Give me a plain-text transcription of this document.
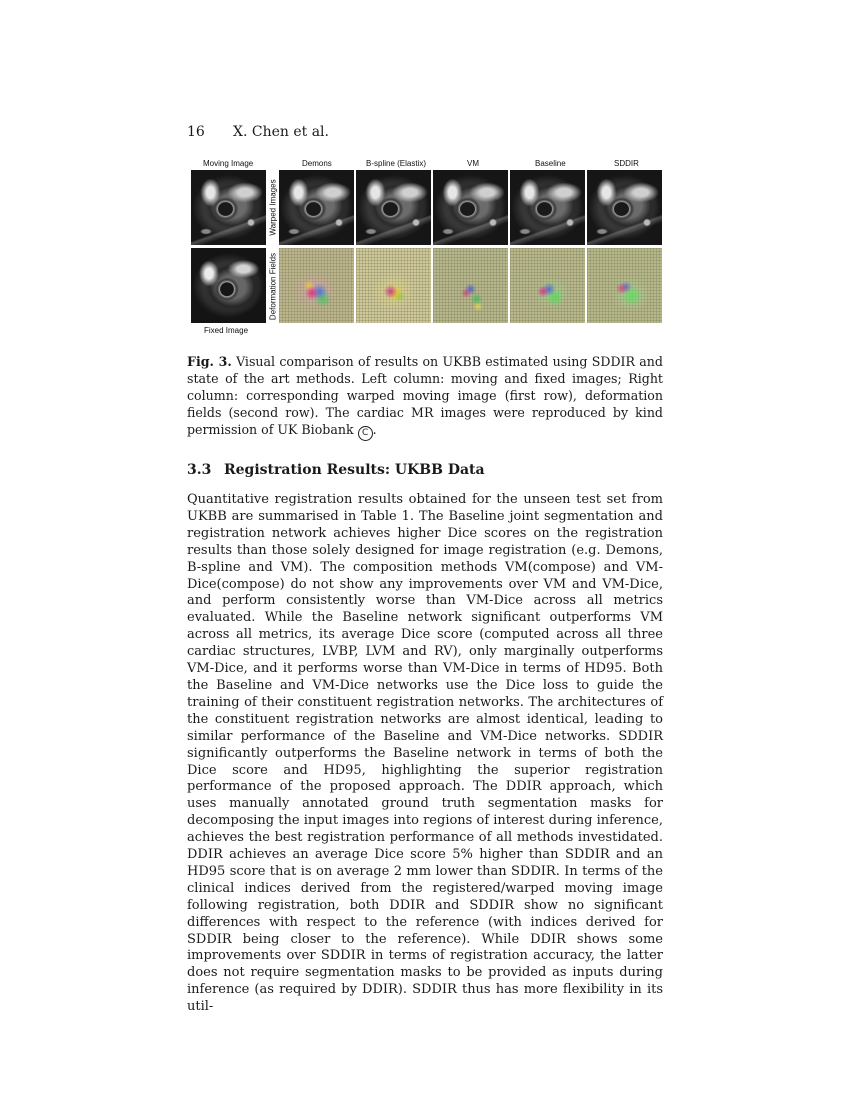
16 X. Chen et al.
Moving Image	Demons	B-spline (Elastix)	VM	Baseline	SDDIR
Fixed Image
Warped Images
Deformation Fields
Fig. 3. Visual comparison of results on UKBB estimated using SDDIR and state of the art methods. Left column: moving and fixed images; Right column: corresponding warped moving image (first row), deformation fields (second row). The cardiac MR images were reproduced by kind permission of UK Biobank C .
3.3 Registration Results: UKBB Data
Quantitative registration results obtained for the unseen test set from UKBB are summarised in Table 1. The Baseline joint segmentation and registration network achieves higher Dice scores on the registration results than those solely designed for image registration (e.g. Demons, B-spline and VM). The composition methods VM(compose) and VM-Dice(compose) do not show any improvements over VM and VM-Dice, and perform consistently worse than VM-Dice across all metrics evaluated. While the Baseline network significant outperforms VM across all metrics, its average Dice score (computed across all three cardiac structures, LVBP, LVM and RV), only marginally outperforms VM-Dice, and it performs worse than VM-Dice in terms of HD95. Both the Baseline and VM-Dice networks use the Dice loss to guide the training of their constituent registration networks. The architectures of the constituent registration networks are almost identical, leading to similar performance of the Baseline and VM-Dice networks. SDDIR significantly outperforms the Baseline network in terms of both the Dice score and HD95, highlighting the superior registration performance of the proposed approach. The DDIR approach, which uses manually annotated ground truth segmentation masks for decomposing the input images into regions of interest during inference, achieves the best registration performance of all methods investidated. DDIR achieves an average Dice score 5% higher than SDDIR and an HD95 score that is on average 2 mm lower than SDDIR. In terms of the clinical indices derived from the registered/warped moving image following registration, both DDIR and SDDIR show no significant differences with respect to the reference (with indices derived for SDDIR being closer to the reference). While DDIR shows some improvements over SDDIR in terms of registration accuracy, the latter does not require segmentation masks to be provided as inputs during inference (as required by DDIR). SDDIR thus has more flexibility in its util-
